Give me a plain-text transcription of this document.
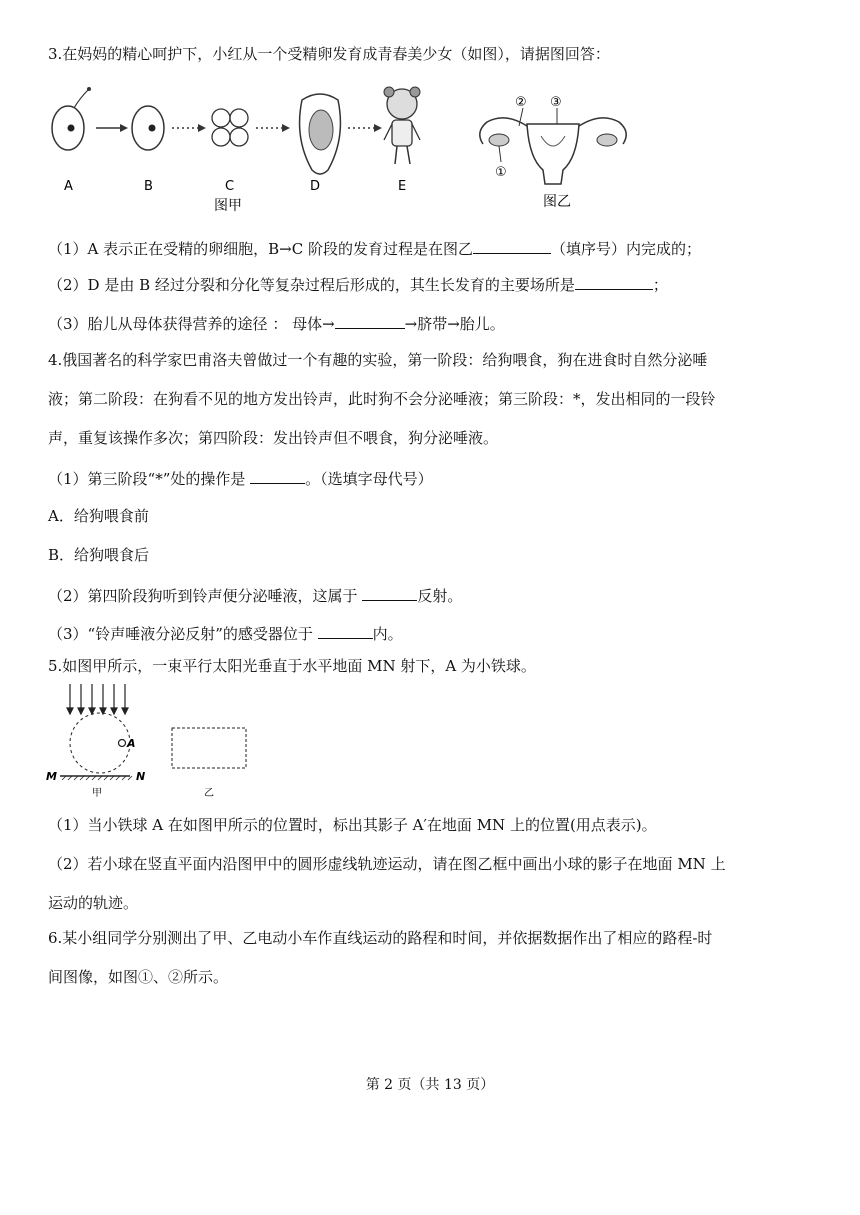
3.在妈妈的精心呵护下，小红从一个受精卵发育成青春美少女（如图），请据图回答：
A	B	C	D	E
图甲
② ③
①
图乙
（1）A 表示正在受精的卵细胞，B→C 阶段的发育过程是在图乙	（填序号）内完成的；
（2）D 是由 B 经过分裂和分化等复杂过程后形成的，其生长发育的主要场所是	；
（3）胎儿从母体获得营养的途径 ： 母体→	→脐带→胎儿。
4.俄国著名的科学家巴甫洛夫曾做过一个有趣的实验，第一阶段：给狗喂食，狗在进食时自然分泌唾
液；第二阶段：在狗看不见的地方发出铃声，此时狗不会分泌唾液；第三阶段：*，发出相同的一段铃
声，重复该操作多次；第四阶段：发出铃声但不喂食，狗分泌唾液。
（1）第三阶段“*”处的操作是	。（选填字母代号）
A．给狗喂食前
B．给狗喂食后
（2）第四阶段狗听到铃声便分泌唾液，这属于	反射。
（3）“铃声唾液分泌反射”的感受器位于	内。
5.如图甲所示，一束平行太阳光垂直于水平地面 MN 射下，A 为小铁球。
A
M	N
甲	乙
（1）当小铁球 A 在如图甲所示的位置时，标出其影子 A′在地面 MN 上的位置(用点表示)。
（2）若小球在竖直平面内沿图甲中的圆形虚线轨迹运动，请在图乙框中画出小球的影子在地面 MN 上
运动的轨迹。
6.某小组同学分别测出了甲、乙电动小车作直线运动的路程和时间，并依据数据作出了相应的路程-时
间图像，如图①、②所示。
第 2 页（共 13 页）
